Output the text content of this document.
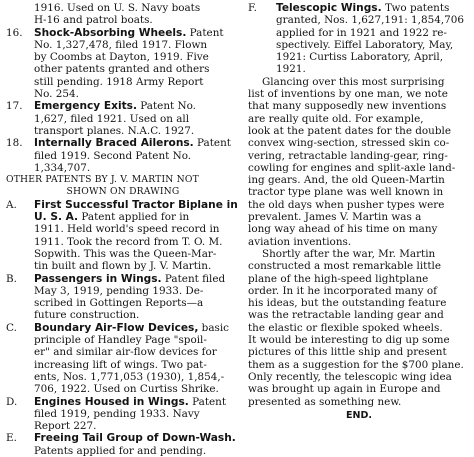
1916. Used on U. S. Navy boats
H-16 and patrol boats.
16. Shock-Absorbing Wheels. Patent
No. 1,327,478, filed 1917. Flown
by Coombs at Dayton, 1919. Five
other patents granted and others
still pending. 1918 Army Report
No. 254.
17. Emergency Exits. Patent No.
1,627, filed 1921. Used on all
transport planes. N.A.C. 1927.
18. Internally Braced Ailerons. Patent
filed 1919. Second Patent No.
1,334,707.
OTHER PATENTS BY J. V. MARTIN NOT
SHOWN ON DRAWING
A. First Successful Tractor Biplane in
U. S. A. Patent applied for in
1911. Held world's speed record in
1911. Took the record from T. O. M.
Sopwith. This was the Queen-Mar-
tin built and flown by J. V. Martin.
B. Passengers in Wings. Patent filed
May 3, 1919, pending 1933. De-
scribed in Gottingen Reports—a
future construction.
C. Boundary Air-Flow Devices, basic
principle of Handley Page "spoil-
er" and similar air-flow devices for
increasing lift of wings. Two pat-
ents, Nos. 1,771,053 (1930), 1,854,-
706, 1922. Used on Curtiss Shrike.
D. Engines Housed in Wings. Patent
filed 1919, pending 1933. Navy
Report 227.
E. Freeing Tail Group of Down-Wash.
Patents applied for and pending.
F. Telescopic Wings. Two patents
granted, Nos. 1,627,191: 1,854,706
applied for in 1921 and 1922 re-
spectively. Eiffel Laboratory, May,
1921: Curtiss Laboratory, April,
1921.
Glancing over this most surprising
list of inventions by one man, we note
that many supposedly new inventions
are really quite old. For example,
look at the patent dates for the double
convex wing-section, stressed skin co-
vering, retractable landing-gear, ring-
cowling for engines and split-axle land-
ing gears. And, the old Queen-Martin
tractor type plane was well known in
the old days when pusher types were
prevalent. James V. Martin was a
long way ahead of his time on many
aviation inventions.
Shortly after the war, Mr. Martin
constructed a most remarkable little
plane of the high-speed lightplane
order. In it he incorporated many of
his ideas, but the outstanding feature
was the retractable landing gear and
the elastic or flexible spoked wheels.
It would be interesting to dig up some
pictures of this little ship and present
them as a suggestion for the $700 plane.
Only recently, the telescopic wing idea
was brought up again in Europe and
presented as something new.
END.
